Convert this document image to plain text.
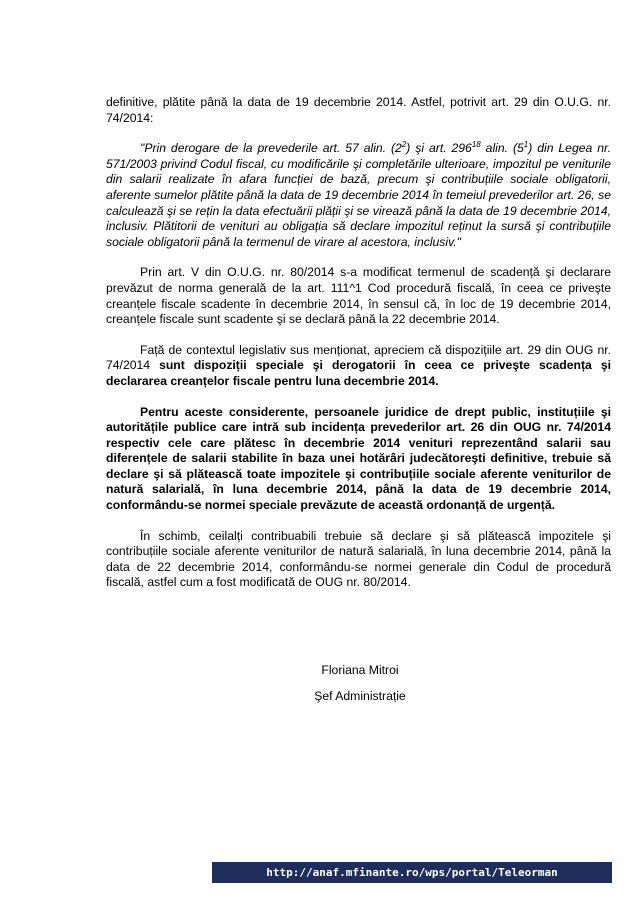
definitive, plătite până la data de 19 decembrie 2014. Astfel, potrivit art. 29 din O.U.G. nr. 74/2014:

"Prin derogare de la prevederile art. 57 alin. $(2^2)$ şi art. $296^{18}$ alin. $(5^1)$ din Legea nr. 571/2003 privind Codul fiscal, cu modificările şi completările ulterioare, impozitul pe veniturile din salarii realizate în afara funcției de bază, precum şi contribuțiile sociale obligatorii, aferente sumelor plătite până la data de 19 decembrie 2014 în temeiul prevederilor art. 26, se calculează şi se rețin la data efectuării plății şi se virează până la data de 19 decembrie 2014, inclusiv. Plătitorii de venituri au obligația să declare impozitul reținut la sursă şi contribuțiile sociale obligatorii până la termenul de virare al acestora, inclusiv."

Prin art. V din O.U.G. nr. 80/2014 s-a modificat termenul de scadență şi declarare prevăzut de norma generală de la art. 111^1 Cod procedură fiscală, în ceea ce priveşte creanțele fiscale scadente în decembrie 2014, în sensul că, în loc de 19 decembrie 2014, creanțele fiscale sunt scadente şi se declară până la 22 decembrie 2014.

Față de contextul legislativ sus menționat, apreciem că dispozițiile art. 29 din OUG nr. 74/2014 sunt dispoziții speciale şi derogatorii în ceea ce priveşte scadența şi declararea creanțelor fiscale pentru luna decembrie 2014.

Pentru aceste considerente, persoanele juridice de drept public, instituțiile şi autoritățile publice care intră sub incidența prevederilor art. 26 din OUG nr. 74/2014 respectiv cele care plătesc în decembrie 2014 venituri reprezentând salarii sau diferențele de salarii stabilite în baza unei hotărâri judecătoreşti definitive, trebuie să declare şi să plătească toate impozitele şi contribuțiile sociale aferente veniturilor de natură salarială, în luna decembrie 2014, până la data de 19 decembrie 2014, conformându-se normei speciale prevăzute de această ordonanță de urgență.

În schimb, ceilalți contribuabili trebuie să declare şi să plătească impozitele şi contribuțiile sociale aferente veniturilor de natură salarială, în luna decembrie 2014, până la data de 22 decembrie 2014, conformându-se normei generale din Codul de procedură fiscală, astfel cum a fost modificată de OUG nr. 80/2014.

Floriana Mitroi
Şef Administrație
http://anaf.mfinante.ro/wps/portal/Teleorman
